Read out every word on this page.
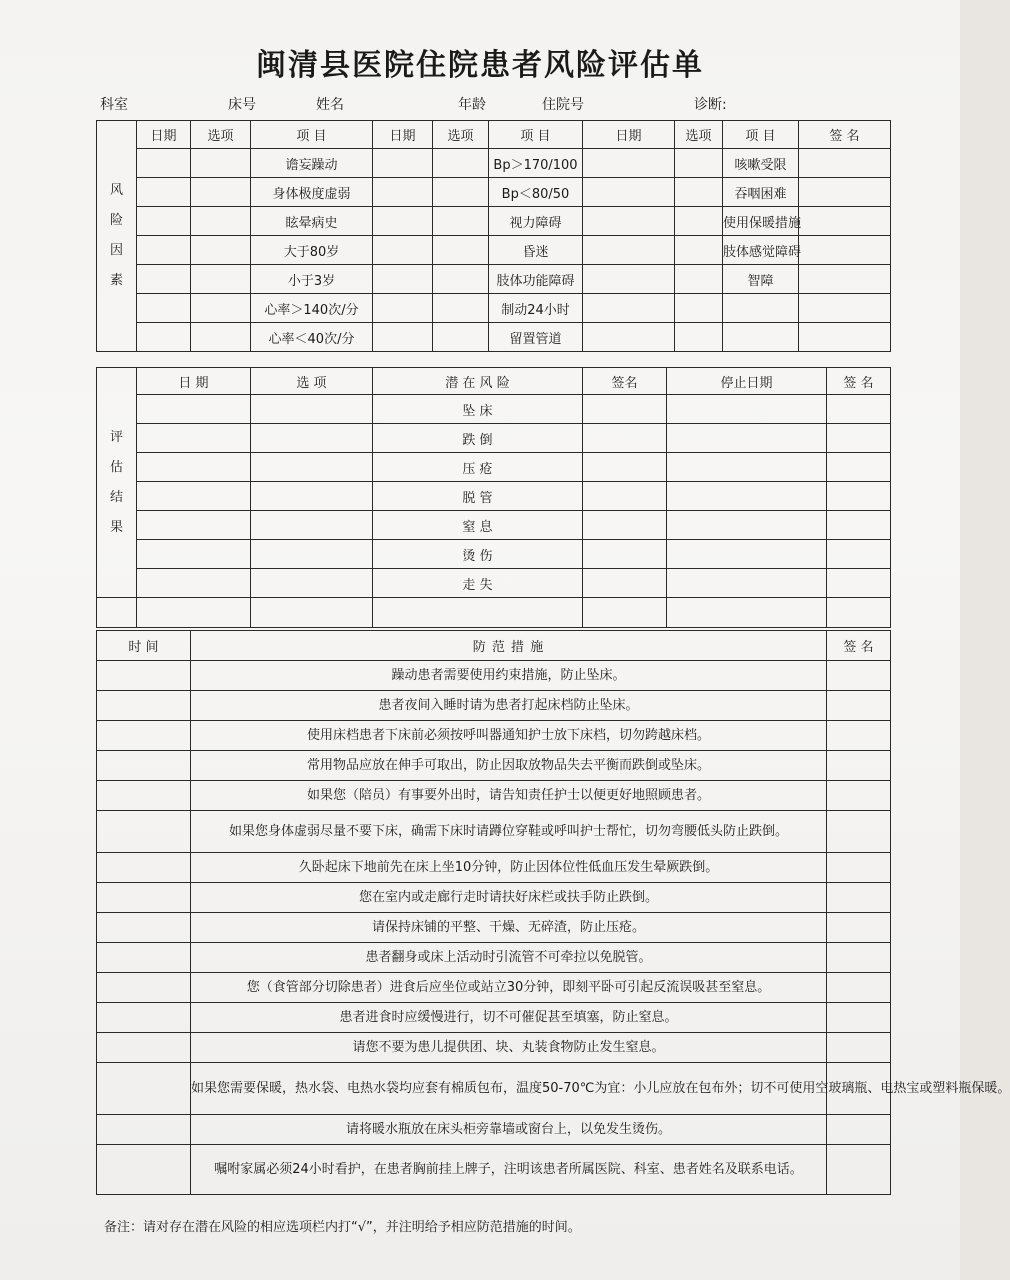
闽清县医院住院患者风险评估单
科室	床号	姓名	年龄	住院号	诊断:
风
险
因
素	日期	选项	项 目	日期	选项	项 目	日期	选项	项 目	签 名
			谵妄躁动			Bp＞170/100			咳嗽受限	
			身体极度虚弱			Bp＜80/50			吞咽困难	
			眩晕病史			视力障碍			使用保暖措施	
			大于80岁			昏迷			肢体感觉障碍	
			小于3岁			肢体功能障碍			智障	
			心率＞140次/分			制动24小时				
			心率＜40次/分			留置管道				
评
估
结
果	日 期	选 项	潜 在 风 险	签名	停止日期	签 名
			坠 床			
			跌 倒			
			压 疮			
			脱 管			
			窒 息			
			烫 伤			
			走 失			

时 间	防 范 措 施	签 名
	躁动患者需要使用约束措施，防止坠床。	
	患者夜间入睡时请为患者打起床档防止坠床。	
	使用床档患者下床前必须按呼叫器通知护士放下床档，切勿跨越床档。	
	常用物品应放在伸手可取出，防止因取放物品失去平衡而跌倒或坠床。	
	如果您（陪员）有事要外出时，请告知责任护士以便更好地照顾患者。	
	如果您身体虚弱尽量不要下床，确需下床时请蹲位穿鞋或呼叫护士帮忙，切勿弯腰低头防止跌倒。	
	久卧起床下地前先在床上坐10分钟，防止因体位性低血压发生晕厥跌倒。	
	您在室内或走廊行走时请扶好床栏或扶手防止跌倒。	
	请保持床铺的平整、干燥、无碎渣，防止压疮。	
	患者翻身或床上活动时引流管不可牵拉以免脱管。	
	您（食管部分切除患者）进食后应坐位或站立30分钟，即刻平卧可引起反流误吸甚至窒息。	
	患者进食时应缓慢进行，切不可催促甚至填塞，防止窒息。	
	请您不要为患儿提供团、块、丸装食物防止发生窒息。	
	如果您需要保暖，热水袋、电热水袋均应套有棉质包布，温度50-70℃为宜：小儿应放在包布外；切不可使用空玻璃瓶、电热宝或塑料瓶保暖。	
	请将暖水瓶放在床头柜旁靠墙或窗台上，以免发生烫伤。	
	嘱咐家属必须24小时看护，在患者胸前挂上牌子，注明该患者所属医院、科室、患者姓名及联系电话。	
备注：请对存在潜在风险的相应选项栏内打“√”，并注明给予相应防范措施的时间。
